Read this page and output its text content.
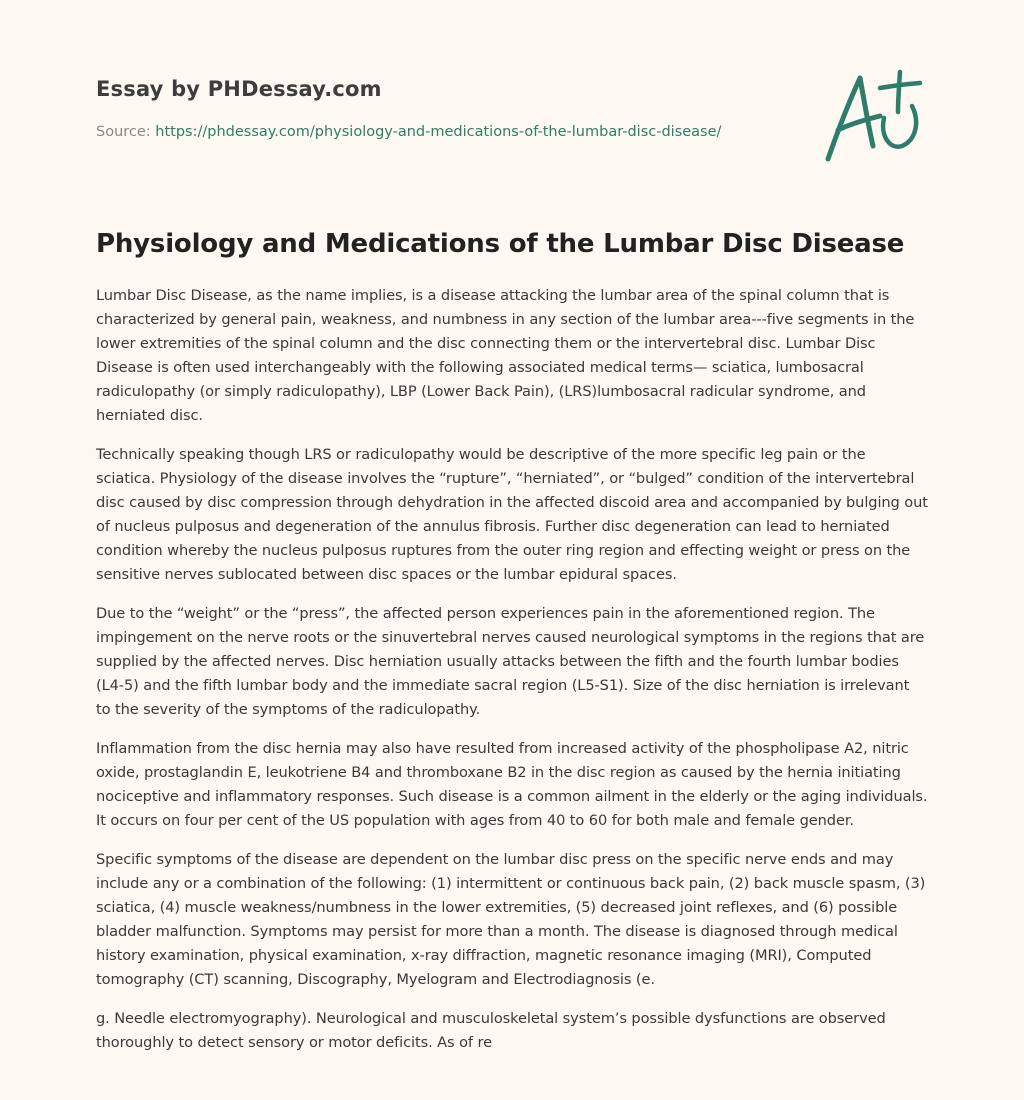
Essay by PHDessay.com
Source: https://phdessay.com/physiology-and-medications-of-the-lumbar-disc-disease/
Physiology and Medications of the Lumbar Disc Disease

Lumbar Disc Disease, as the name implies, is a disease attacking the lumbar area of the spinal column that is characterized by general pain, weakness, and numbness in any section of the lumbar area---five segments in the lower extremities of the spinal column and the disc connecting them or the intervertebral disc. Lumbar Disc Disease is often used interchangeably with the following associated medical terms— sciatica, lumbosacral radiculopathy (or simply radiculopathy), LBP (Lower Back Pain), (LRS)lumbosacral radicular syndrome, and herniated disc.

Technically speaking though LRS or radiculopathy would be descriptive of the more specific leg pain or the sciatica. Physiology of the disease involves the “rupture”, “herniated”, or “bulged” condition of the intervertebral disc caused by disc compression through dehydration in the affected discoid area and accompanied by bulging out of nucleus pulposus and degeneration of the annulus fibrosis. Further disc degeneration can lead to herniated condition whereby the nucleus pulposus ruptures from the outer ring region and effecting weight or press on the sensitive nerves sublocated between disc spaces or the lumbar epidural spaces.

Due to the “weight” or the “press”, the affected person experiences pain in the aforementioned region. The impingement on the nerve roots or the sinuvertebral nerves caused neurological symptoms in the regions that are supplied by the affected nerves. Disc herniation usually attacks between the fifth and the fourth lumbar bodies (L4-5) and the fifth lumbar body and the immediate sacral region (L5-S1). Size of the disc herniation is irrelevant to the severity of the symptoms of the radiculopathy.

Inflammation from the disc hernia may also have resulted from increased activity of the phospholipase A2, nitric oxide, prostaglandin E, leukotriene B4 and thromboxane B2 in the disc region as caused by the hernia initiating nociceptive and inflammatory responses. Such disease is a common ailment in the elderly or the aging individuals. It occurs on four per cent of the US population with ages from 40 to 60 for both male and female gender.

Specific symptoms of the disease are dependent on the lumbar disc press on the specific nerve ends and may include any or a combination of the following: (1) intermittent or continuous back pain, (2) back muscle spasm, (3) sciatica, (4) muscle weakness/numbness in the lower extremities, (5) decreased joint reflexes, and (6) possible bladder malfunction. Symptoms may persist for more than a month. The disease is diagnosed through medical history examination, physical examination, x-ray diffraction, magnetic resonance imaging (MRI), Computed tomography (CT) scanning, Discography, Myelogram and Electrodiagnosis (e.

g. Needle electromyography). Neurological and musculoskeletal system’s possible dysfunctions are observed thoroughly to detect sensory or motor deficits. As of re
